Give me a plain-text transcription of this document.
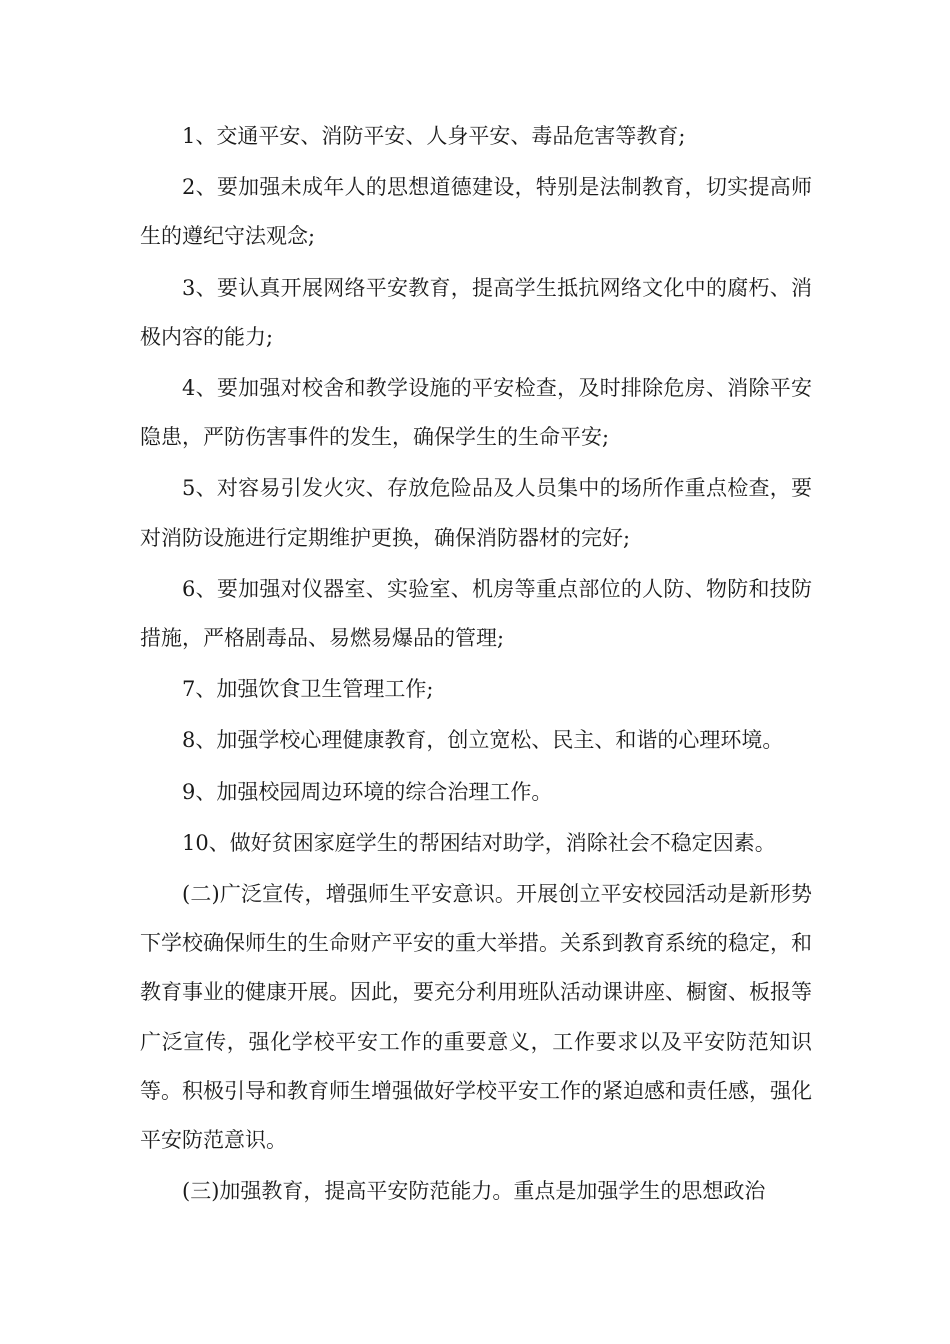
1、交通平安、消防平安、人身平安、毒品危害等教育;

2、要加强未成年人的思想道德建设，特别是法制教育，切实提高师生的遵纪守法观念;

3、要认真开展网络平安教育，提高学生抵抗网络文化中的腐朽、消极内容的能力;

4、要加强对校舍和教学设施的平安检查，及时排除危房、消除平安隐患，严防伤害事件的发生，确保学生的生命平安;

5、对容易引发火灾、存放危险品及人员集中的场所作重点检查，要对消防设施进行定期维护更换，确保消防器材的完好;

6、要加强对仪器室、实验室、机房等重点部位的人防、物防和技防措施，严格剧毒品、易燃易爆品的管理;

7、加强饮食卫生管理工作;

8、加强学校心理健康教育，创立宽松、民主、和谐的心理环境。

9、加强校园周边环境的综合治理工作。

10、做好贫困家庭学生的帮困结对助学，消除社会不稳定因素。

(二)广泛宣传，增强师生平安意识。开展创立平安校园活动是新形势下学校确保师生的生命财产平安的重大举措。关系到教育系统的稳定，和教育事业的健康开展。因此，要充分利用班队活动课讲座、橱窗、板报等广泛宣传，强化学校平安工作的重要意义，工作要求以及平安防范知识等。积极引导和教育师生增强做好学校平安工作的紧迫感和责任感，强化平安防范意识。

(三)加强教育，提高平安防范能力。重点是加强学生的思想政治
